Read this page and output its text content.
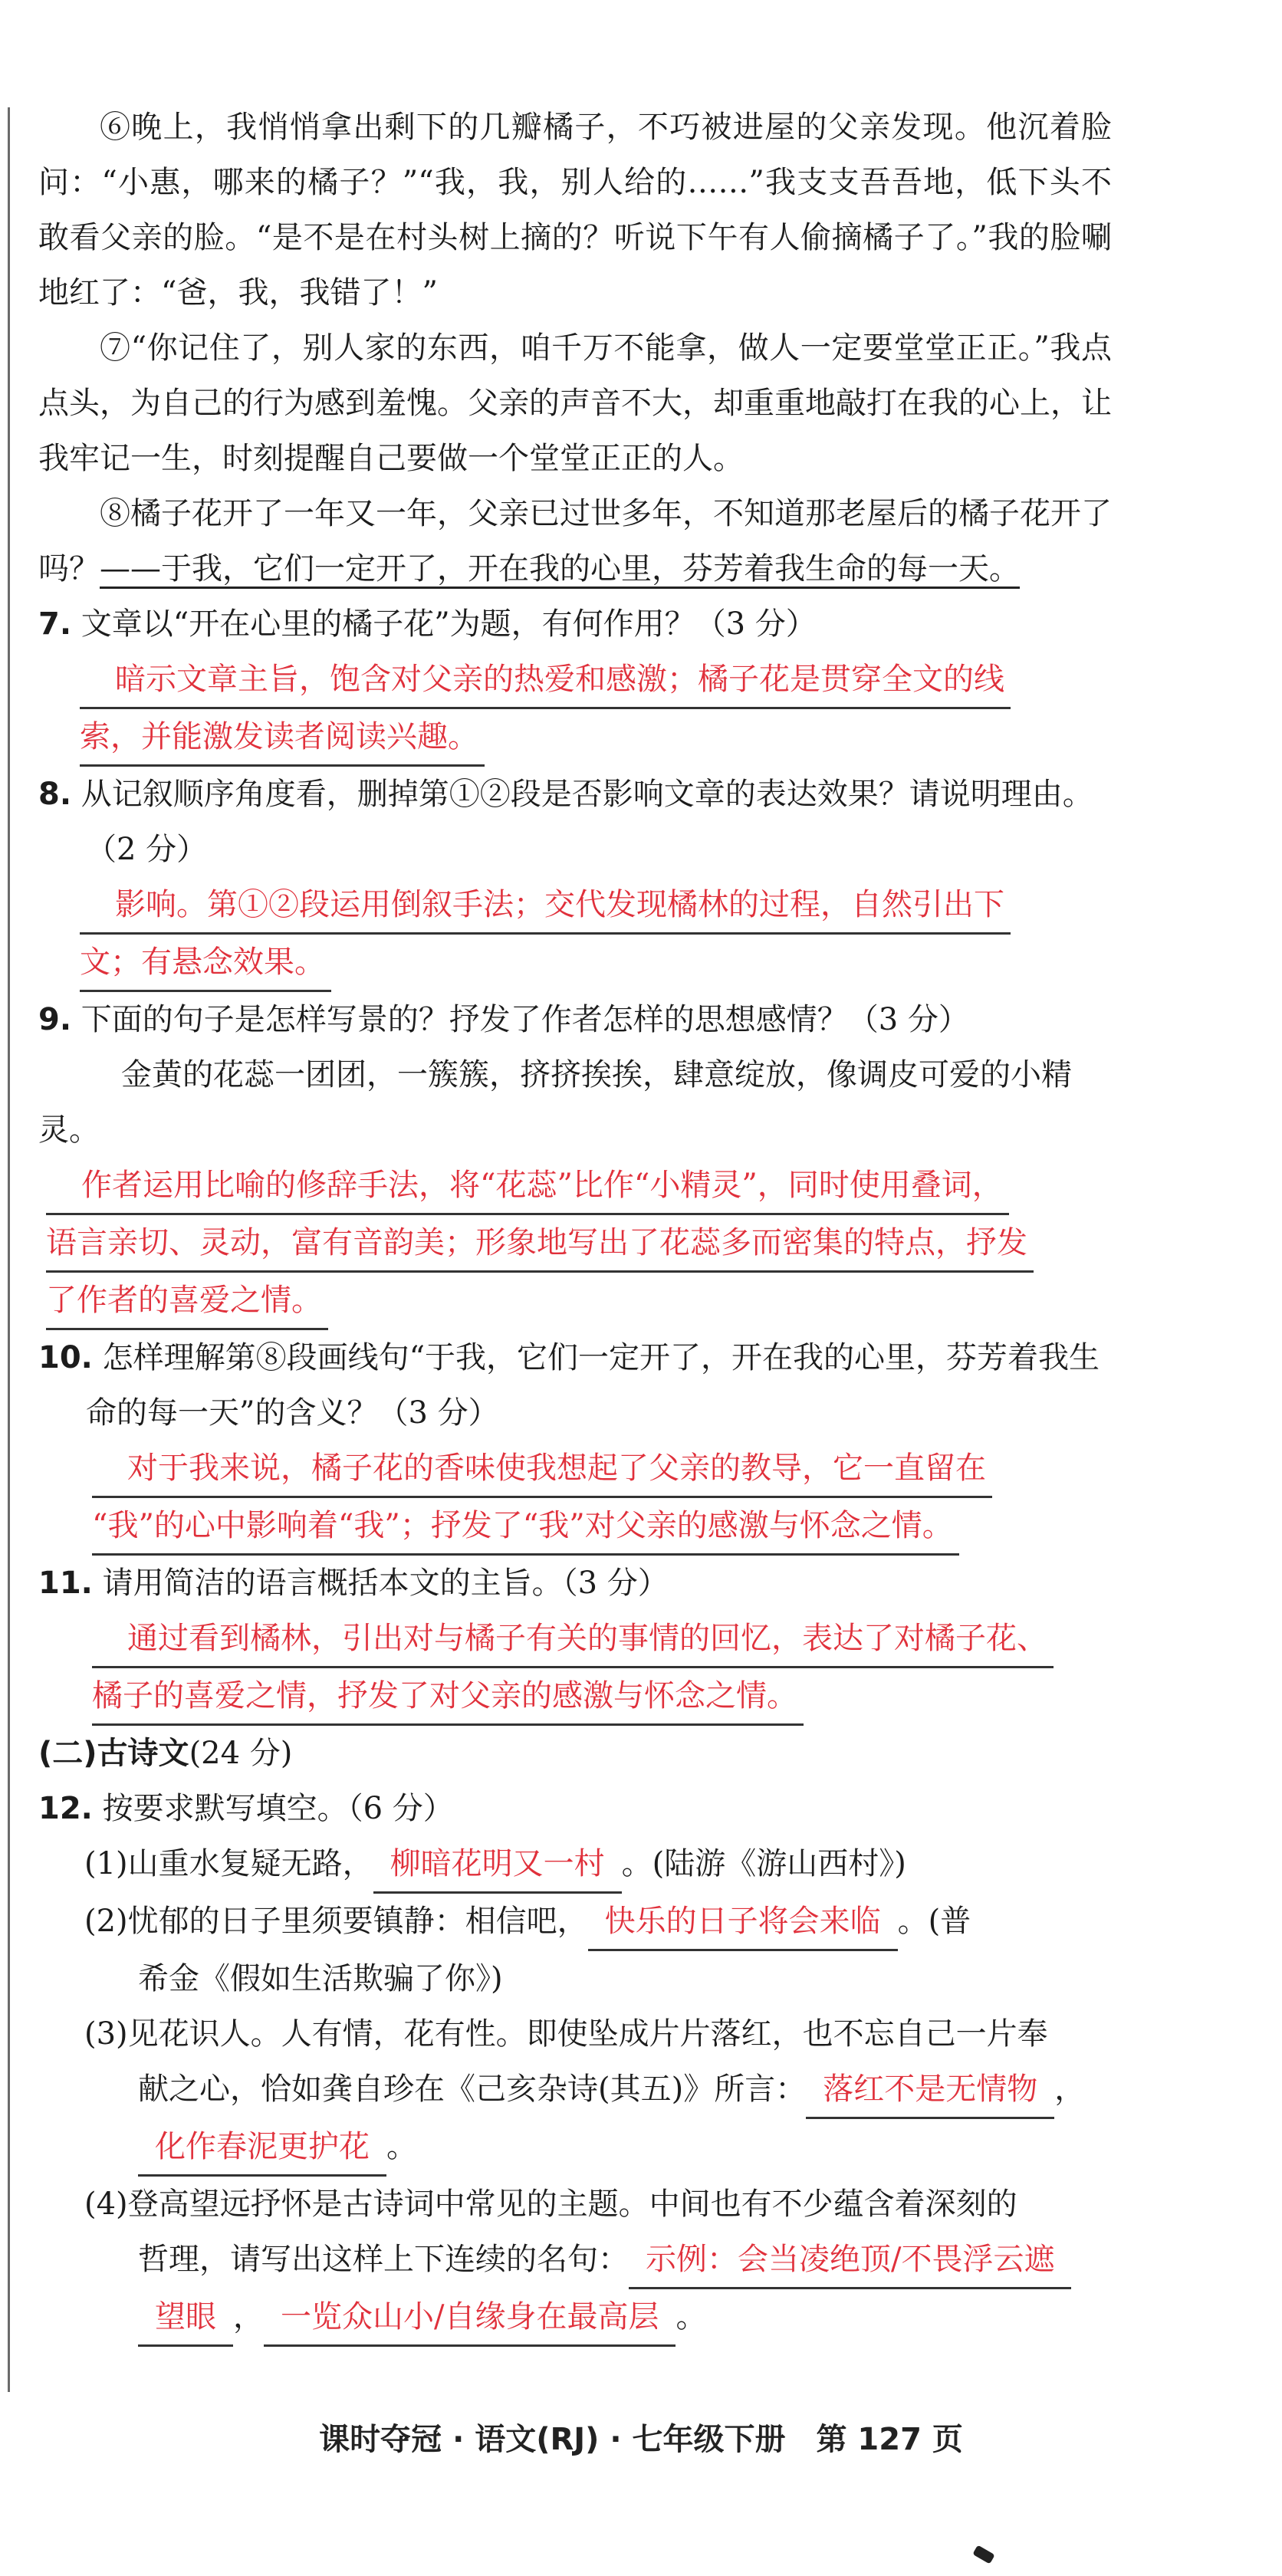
⑥晚上，我悄悄拿出剩下的几瓣橘子，不巧被进屋的父亲发现。他沉着脸问：“小惠，哪来的橘子？”“我，我，别人给的……”我支支吾吾地，低下头不敢看父亲的脸。“是不是在村头树上摘的？听说下午有人偷摘橘子了。”我的脸唰地红了：“爸，我，我错了！”

⑦“你记住了，别人家的东西，咱千万不能拿，做人一定要堂堂正正。”我点点头，为自己的行为感到羞愧。父亲的声音不大，却重重地敲打在我的心上，让我牢记一生，时刻提醒自己要做一个堂堂正正的人。

⑧橘子花开了一年又一年，父亲已过世多年，不知道那老屋后的橘子花开了吗？——于我，它们一定开了，开在我的心里，芬芳着我生命的每一天。

7. 文章以“开在心里的橘子花”为题，有何作用？（3 分）

暗示文章主旨，饱含对父亲的热爱和感激；橘子花是贯穿全文的线
索，并能激发读者阅读兴趣。

8. 从记叙顺序角度看，删掉第①②段是否影响文章的表达效果？请说明理由。（2 分）

影响。第①②段运用倒叙手法；交代发现橘林的过程，自然引出下
文；有悬念效果。

9. 下面的句子是怎样写景的？抒发了作者怎样的思想感情？（3 分）

金黄的花蕊一团团，一簇簇，挤挤挨挨，肆意绽放，像调皮可爱的小精灵。

作者运用比喻的修辞手法，将“花蕊”比作“小精灵”，同时使用叠词，
语言亲切、灵动，富有音韵美；形象地写出了花蕊多而密集的特点，抒发
了作者的喜爱之情。

10. 怎样理解第⑧段画线句“于我，它们一定开了，开在我的心里，芬芳着我生命的每一天”的含义？（3 分）

对于我来说，橘子花的香味使我想起了父亲的教导，它一直留在
“我”的心中影响着“我”；抒发了“我”对父亲的感激与怀念之情。

11. 请用简洁的语言概括本文的主旨。（3 分）

通过看到橘林，引出对与橘子有关的事情的回忆，表达了对橘子花、
橘子的喜爱之情，抒发了对父亲的感激与怀念之情。

(二)古诗文(24 分)

12. 按要求默写填空。（6 分）

(1)山重水复疑无路， 柳暗花明又一村 。(陆游《游山西村》)

(2)忧郁的日子里须要镇静：相信吧， 快乐的日子将会来临 。(普

希金《假如生活欺骗了你》)

(3)见花识人。人有情，花有性。即使坠成片片落红，也不忘自己一片奉

献之心，恰如龚自珍在《己亥杂诗(其五)》所言： 落红不是无情物 ，

化作春泥更护花 。

(4)登高望远抒怀是古诗词中常见的主题。中间也有不少蕴含着深刻的

哲理，请写出这样上下连续的名句： 示例：会当凌绝顶/不畏浮云遮

望眼 ， 一览众山小/自缘身在最高层 。

课时夺冠 · 语文(RJ) · 七年级下册　第 127 页
